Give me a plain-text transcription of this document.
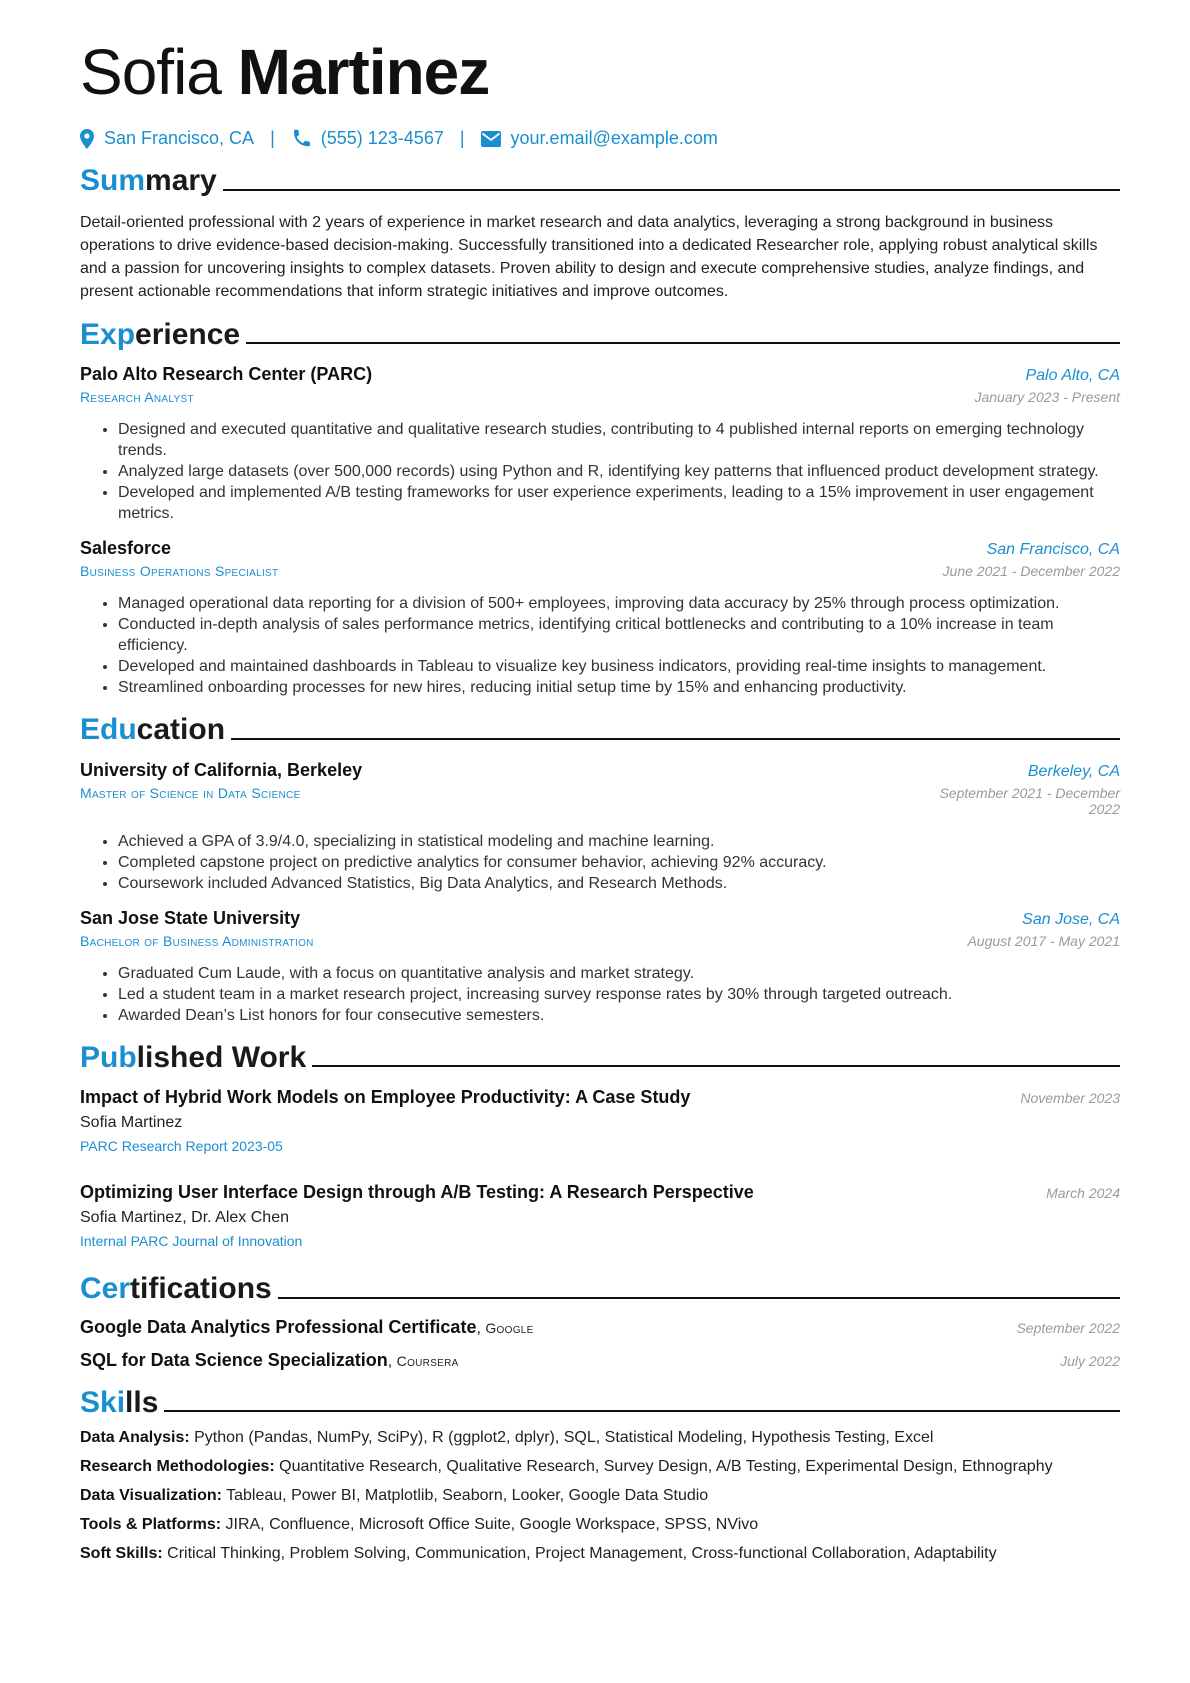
Sofia Martinez
San Francisco, CA |	(555) 123-4567 |	your.email@example.com
Summary

Detail-oriented professional with 2 years of experience in market research and data analytics, leveraging a strong background in business operations to drive evidence-based decision-making. Successfully transitioned into a dedicated Researcher role, applying robust analytical skills and a passion for uncovering insights to complex datasets. Proven ability to design and execute comprehensive studies, analyze findings, and present actionable recommendations that inform strategic initiatives and improve outcomes.

Experience
Palo Alto Research Center (PARC)	Palo Alto, CA
Research Analyst	January 2023 - Present
• Designed and executed quantitative and qualitative research studies, contributing to 4 published internal reports on emerging technology trends.
• Analyzed large datasets (over 500,000 records) using Python and R, identifying key patterns that influenced product development strategy.
• Developed and implemented A/B testing frameworks for user experience experiments, leading to a 15% improvement in user engagement metrics.
Salesforce	San Francisco, CA
Business Operations Specialist	June 2021 - December 2022
• Managed operational data reporting for a division of 500+ employees, improving data accuracy by 25% through process optimization.
• Conducted in-depth analysis of sales performance metrics, identifying critical bottlenecks and contributing to a 10% increase in team efficiency.
• Developed and maintained dashboards in Tableau to visualize key business indicators, providing real-time insights to management.
• Streamlined onboarding processes for new hires, reducing initial setup time by 15% and enhancing productivity.
Education
University of California, Berkeley	Berkeley, CA
Master of Science in Data Science	September 2021 - December 2022
• Achieved a GPA of 3.9/4.0, specializing in statistical modeling and machine learning.
• Completed capstone project on predictive analytics for consumer behavior, achieving 92% accuracy.
• Coursework included Advanced Statistics, Big Data Analytics, and Research Methods.
San Jose State University	San Jose, CA
Bachelor of Business Administration	August 2017 - May 2021
• Graduated Cum Laude, with a focus on quantitative analysis and market strategy.
• Led a student team in a market research project, increasing survey response rates by 30% through targeted outreach.
• Awarded Dean’s List honors for four consecutive semesters.
Published Work
Impact of Hybrid Work Models on Employee Productivity: A Case Study	November 2023
Sofia Martinez
PARC Research Report 2023-05
Optimizing User Interface Design through A/B Testing: A Research Perspective	March 2024
Sofia Martinez, Dr. Alex Chen
Internal PARC Journal of Innovation
Certifications
Google Data Analytics Professional Certificate, Google	September 2022
SQL for Data Science Specialization, Coursera	July 2022
Skills
Data Analysis: Python (Pandas, NumPy, SciPy), R (ggplot2, dplyr), SQL, Statistical Modeling, Hypothesis Testing, Excel
Research Methodologies: Quantitative Research, Qualitative Research, Survey Design, A/B Testing, Experimental Design, Ethnography
Data Visualization: Tableau, Power BI, Matplotlib, Seaborn, Looker, Google Data Studio
Tools & Platforms: JIRA, Confluence, Microsoft Office Suite, Google Workspace, SPSS, NVivo
Soft Skills: Critical Thinking, Problem Solving, Communication, Project Management, Cross-functional Collaboration, Adaptability
